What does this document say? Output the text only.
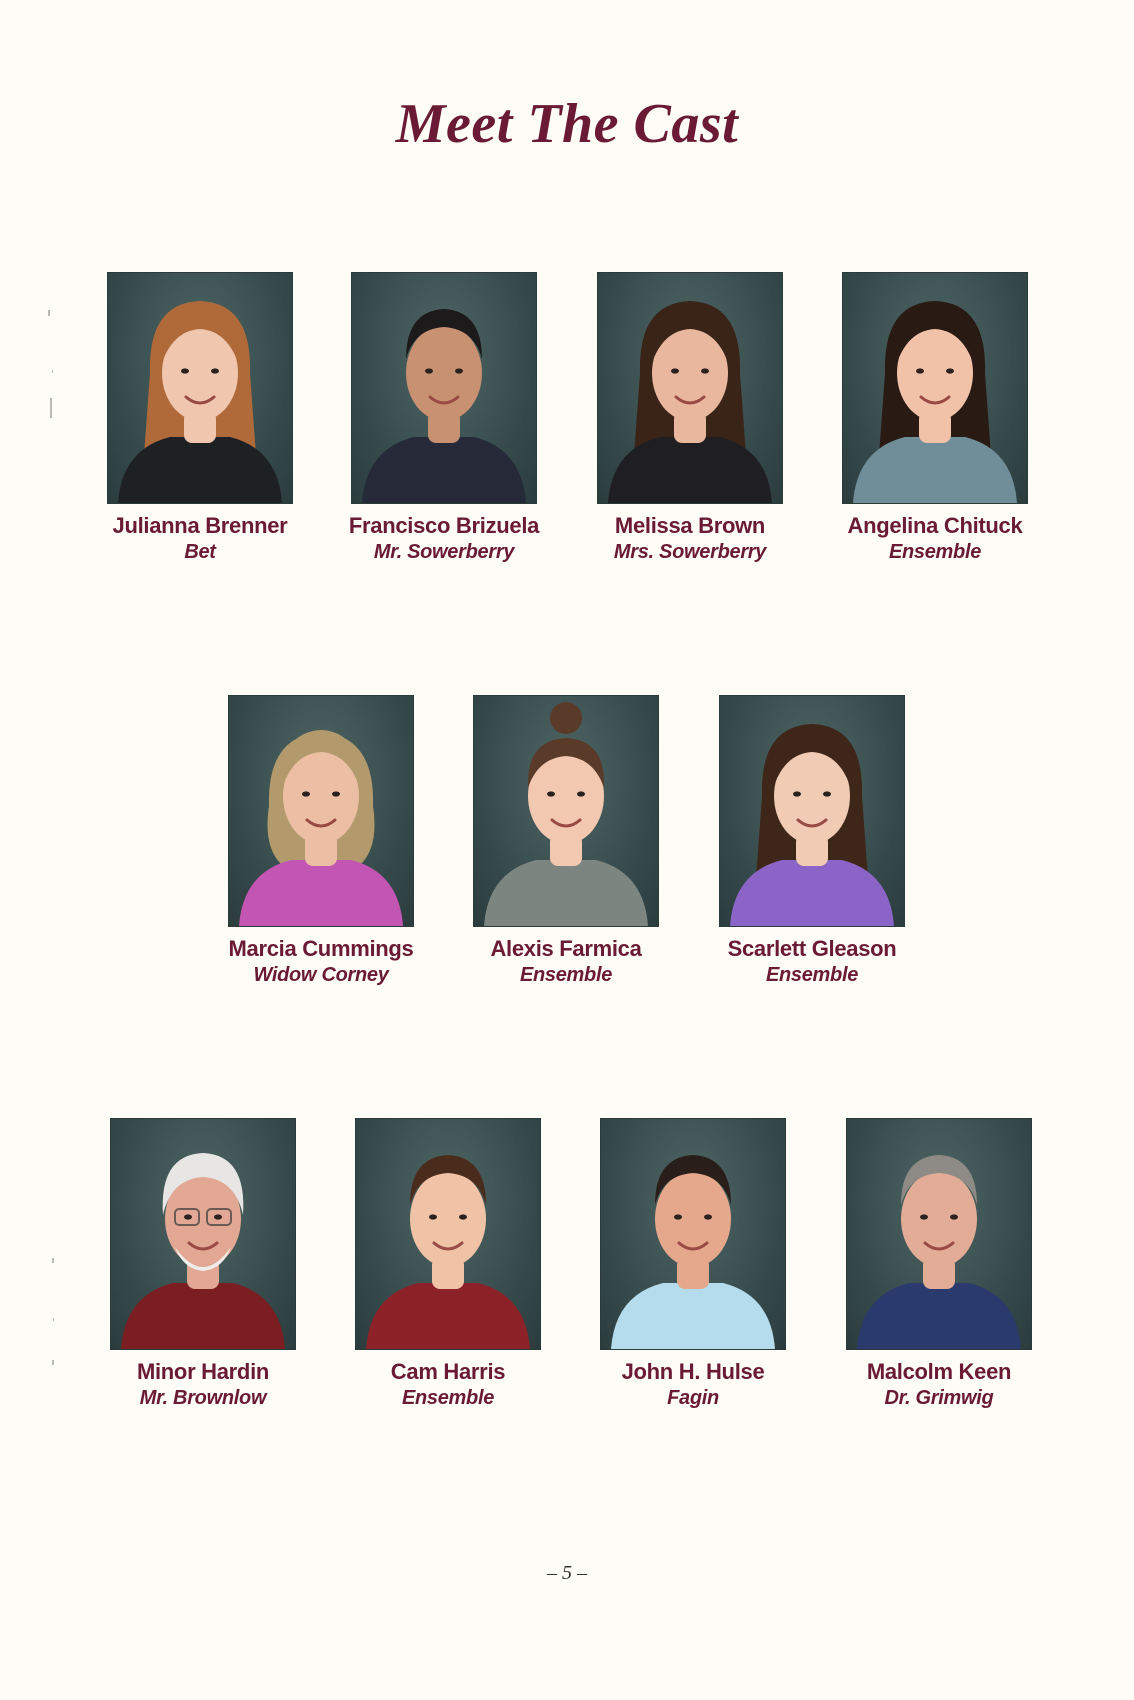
Meet The Cast
Julianna Brenner
Bet
Francisco Brizuela
Mr. Sowerberry
Melissa Brown
Mrs. Sowerberry
Angelina Chituck
Ensemble
Marcia Cummings
Widow Corney
Alexis Farmica
Ensemble
Scarlett Gleason
Ensemble
Minor Hardin
Mr. Brownlow
Cam Harris
Ensemble
John H. Hulse
Fagin
Malcolm Keen
Dr. Grimwig
– 5 –
